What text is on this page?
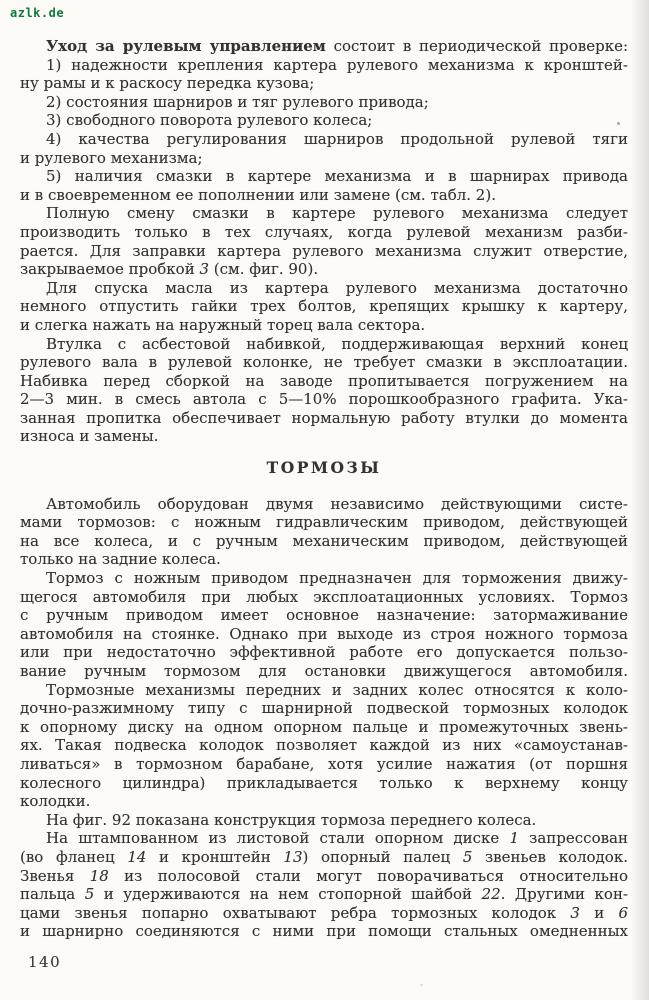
azlk.de
Уход за рулевым управлением состоит в периодической проверке:
1) надежности крепления картера рулевого механизма к кронштей-
ну рамы и к раскосу передка кузова;
2) состояния шарниров и тяг рулевого привода;
3) свободного поворота рулевого колеса;
4) качества регулирования шарниров продольной рулевой тяги
и рулевого механизма;
5) наличия смазки в картере механизма и в шарнирах привода
и в своевременном ее пополнении или замене (см. табл. 2).
Полную смену смазки в картере рулевого механизма следует
производить только в тех случаях, когда рулевой механизм разби-
рается. Для заправки картера рулевого механизма служит отверстие,
закрываемое пробкой 3 (см. фиг. 90).
Для спуска масла из картера рулевого механизма достаточно
немного отпустить гайки трех болтов, крепящих крышку к картеру,
и слегка нажать на наружный торец вала сектора.
Втулка с асбестовой набивкой, поддерживающая верхний конец
рулевого вала в рулевой колонке, не требует смазки в эксплоатации.
Набивка перед сборкой на заводе пропитывается погружением на
2—3 мин. в смесь автола с 5—10% порошкообразного графита. Ука-
занная пропитка обеспечивает нормальную работу втулки до момента
износа и замены.
ТОРМОЗЫ
Автомобиль оборудован двумя независимо действующими систе-
мами тормозов: с ножным гидравлическим приводом, действующей
на все колеса, и с ручным механическим приводом, действующей
только на задние колеса.
Тормоз с ножным приводом предназначен для торможения движу-
щегося автомобиля при любых эксплоатационных условиях. Тормоз
с ручным приводом имеет основное назначение: затормаживание
автомобиля на стоянке. Однако при выходе из строя ножного тормоза
или при недостаточно эффективной работе его допускается пользо-
вание ручным тормозом для остановки движущегося автомобиля.
Тормозные механизмы передних и задних колес относятся к коло-
дочно-разжимному типу с шарнирной подвеской тормозных колодок
к опорному диску на одном опорном пальце и промежуточных звень-
ях. Такая подвеска колодок позволяет каждой из них «самоустанав-
ливаться» в тормозном барабане, хотя усилие нажатия (от поршня
колесного цилиндра) прикладывается только к верхнему концу
колодки.
На фиг. 92 показана конструкция тормоза переднего колеса.
На штампованном из листовой стали опорном диске 1 запрессован
(во фланец 14 и кронштейн 13) опорный палец 5 звеньев колодок.
Звенья 18 из полосовой стали могут поворачиваться относительно
пальца 5 и удерживаются на нем стопорной шайбой 22. Другими кон-
цами звенья попарно охватывают ребра тормозных колодок 3 и 6
и шарнирно соединяются с ними при помощи стальных омедненных
140
